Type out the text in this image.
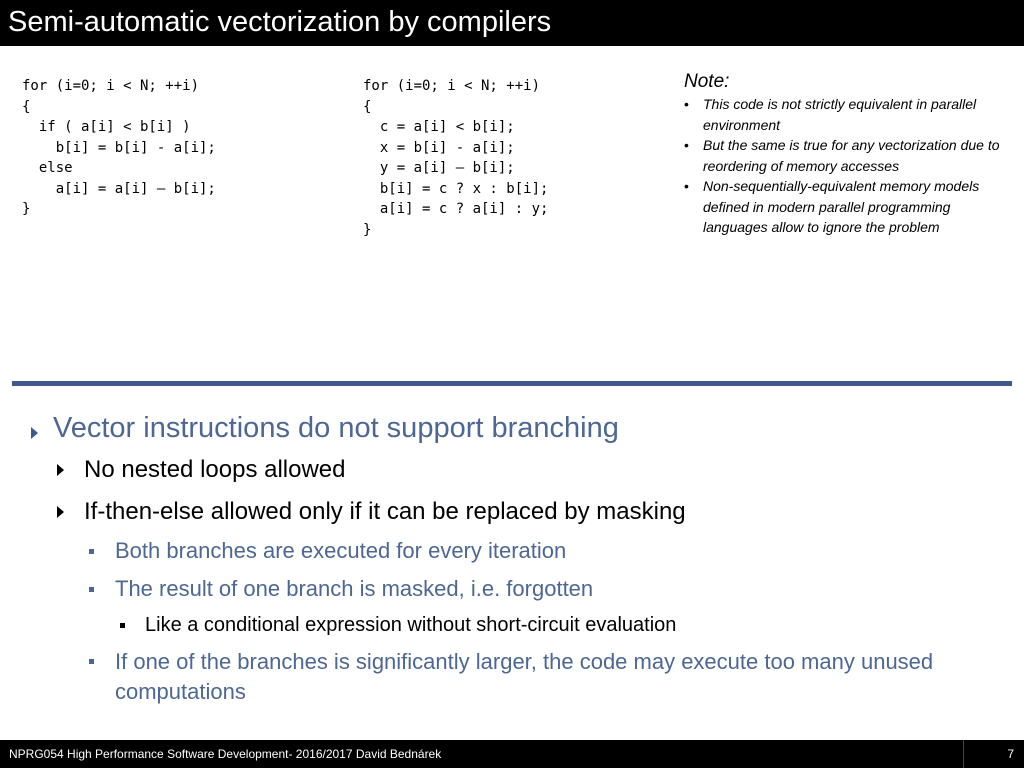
Semi-automatic vectorization by compilers
for (i=0; i < N; ++i)
{
if ( a[i] < b[i] )
b[i] = b[i] - a[i];
else
a[i] = a[i] – b[i];
}
for (i=0; i < N; ++i)
{
c = a[i] < b[i];
x = b[i] - a[i];
y = a[i] – b[i];
b[i] = c ? x : b[i];
a[i] = c ? a[i] : y;
}
Note:
• This code is not strictly equivalent in parallel environment
• But the same is true for any vectorization due to reordering of memory accesses
• Non-sequentially-equivalent memory models defined in modern parallel programming languages allow to ignore the problem
Vector instructions do not support branching
No nested loops allowed
If-then-else allowed only if it can be replaced by masking
Both branches are executed for every iteration
The result of one branch is masked, i.e. forgotten
Like a conditional expression without short-circuit evaluation
If one of the branches is significantly larger, the code may execute too many unused computations
NPRG054 High Performance Software Development- 2016/2017 David Bednárek	7
